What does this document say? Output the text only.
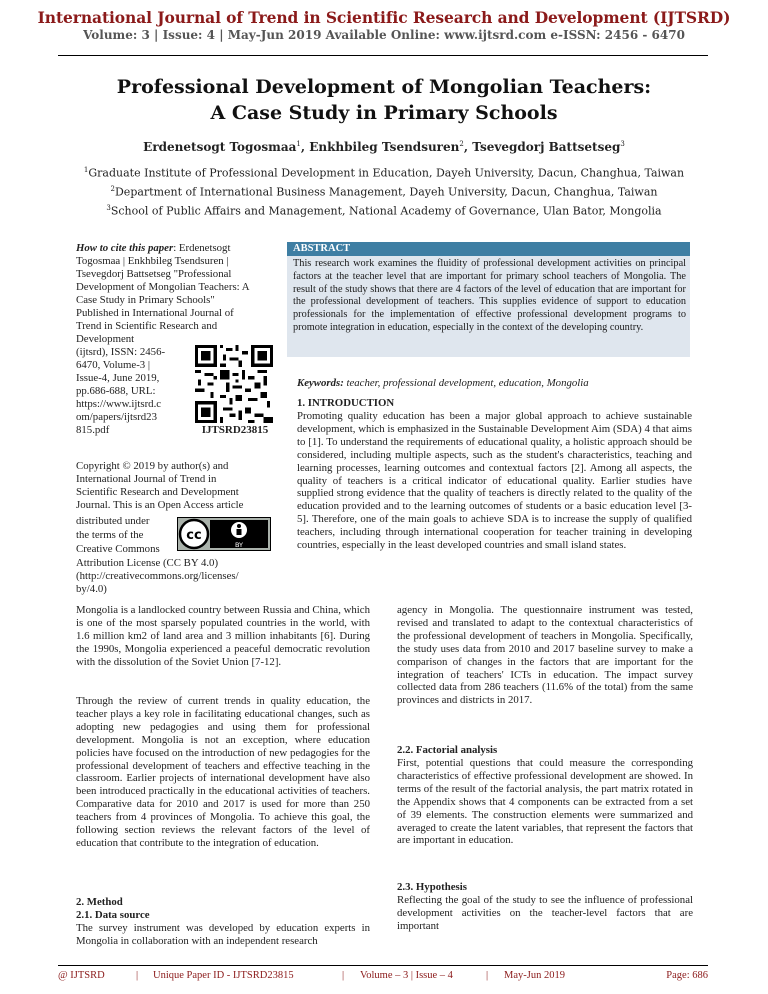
International Journal of Trend in Scientific Research and Development (IJTSRD)
Volume: 3 | Issue: 4 | May-Jun 2019 Available Online: www.ijtsrd.com e-ISSN: 2456 - 6470
Professional Development of Mongolian Teachers:
A Case Study in Primary Schools
Erdenetsogt Togosmaa$^1$, Enkhbileg Tsendsuren$^2$, Tsevegdorj Battsetseg$^3$
$^1$Graduate Institute of Professional Development in Education, Dayeh University, Dacun, Changhua, Taiwan
$^2$Department of International Business Management, Dayeh University, Dacun, Changhua, Taiwan
$^3$School of Public Affairs and Management, National Academy of Governance, Ulan Bator, Mongolia
How to cite this paper: Erdenetsogt
Togosmaa | Enkhbileg Tsendsuren |
Tsevegdorj Battsetseg "Professional
Development of Mongolian Teachers: A
Case Study in Primary Schools"
Published in International Journal of
Trend in Scientific Research and
Development
(ijtsrd), ISSN: 2456-
6470, Volume-3 |
Issue-4, June 2019,
pp.686-688, URL:
https://www.ijtsrd.c
om/papers/ijtsrd23
815.pdf	IJTSRD23815
Copyright © 2019 by author(s) and
International Journal of Trend in
Scientific Research and Development
Journal. This is an Open Access article
distributed under
the terms of the
Creative Commons
Attribution License (CC BY 4.0)
(http://creativecommons.org/licenses/
by/4.0)
cc
BY
ABSTRACT
This research work examines the fluidity of professional development activities on principal factors at the teacher level that are important for primary school teachers of Mongolia. The result of the study shows that there are 4 factors of the level of education that are important for the professional development of teachers. This supplies evidence of support to education professionals for the implementation of effective professional development programs to promote integration in education, especially in the context of the developing country.
Keywords: teacher, professional development, education, Mongolia
1. INTRODUCTION
Promoting quality education has been a major global approach to achieve sustainable development, which is emphasized in the Sustainable Development Aim (SDA) 4 that aims to [1]. To understand the requirements of educational quality, a holistic approach should be considered, including multiple aspects, such as the student's characteristics, teaching and learning processes, learning outcomes and contextual factors [2]. Among all aspects, the quality of teachers is a critical indicator of educational quality. Earlier studies have supplied strong evidence that the quality of teachers is directly related to the quality of the education provided and to the learning outcomes of students or a basic education level [3-5]. Therefore, one of the main goals to achieve SDA is to increase the supply of qualified teachers, including through international cooperation for teacher training in developing countries, especially in the least developed countries and small island states.
Mongolia is a landlocked country between Russia and China, which is one of the most sparsely populated countries in the world, with 1.6 million km2 of land area and 3 million inhabitants [6]. During the 1990s, Mongolia experienced a peaceful democratic revolution with the dissolution of the Soviet Union [7-12].
Through the review of current trends in quality education, the teacher plays a key role in facilitating educational changes, such as adopting new pedagogies and using them for professional development. Mongolia is not an exception, where education policies have focused on the introduction of new pedagogies for the professional development of teachers and effective teaching in the classroom. Earlier projects of international development have also been introduced practically in the educational activities of teachers. Comparative data for 2010 and 2017 is used for more than 250 teachers from 4 provinces of Mongolia. To achieve this goal, the following section reviews the relevant factors of the level of education that contribute to the integration of education.
2. Method
2.1. Data source
The survey instrument was developed by education experts in Mongolia in collaboration with an independent research
agency in Mongolia. The questionnaire instrument was tested, revised and translated to adapt to the contextual characteristics of the professional development of teachers in Mongolia. Specifically, the study uses data from 2010 and 2017 baseline survey to make a comparison of changes in the factors that are important for the integration of teachers' ICTs in education. The impact survey collected data from 286 teachers (11.6% of the total) from the same provinces and districts in 2017.
2.2. Factorial analysis
First, potential questions that could measure the corresponding characteristics of effective professional development are showed. In terms of the result of the factorial analysis, the part matrix rotated in the Appendix shows that 4 components can be extracted from a set of 39 elements. The construction elements were summarized and averaged to create the latent variables, that represent the factors that are important in education.
2.3. Hypothesis
Reflecting the goal of the study to see the influence of professional development activities on the teacher-level factors that are important
@ IJTSRD	| Unique Paper ID - IJTSRD23815	| Volume – 3 | Issue – 4	| May-Jun 2019	Page: 686
